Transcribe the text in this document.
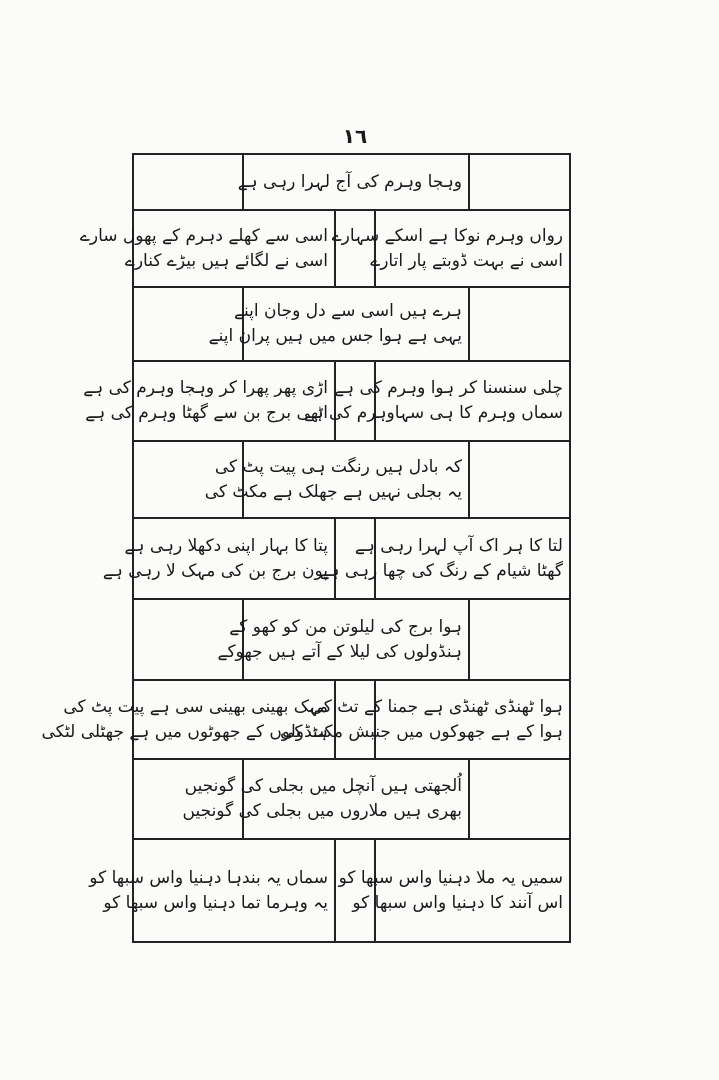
١٦
وہجا وہرم کی آج لہرا رہی ہے
اسی سے کھلے دہرم کے پھول سارے
اسی نے لگائے ہیں بیڑے کنارے
رواں وہرم نوکا ہے اسکے سہارے
اسی نے بہت ڈوبتے پار اتارے
ہرے ہیں اسی سے دل وجان اپنے
یہی ہے ہوا جس میں ہیں پران اپنے
اڑی پھر پھرا کر وہجا وہرم کی ہے
اٹھی برج بن سے گھٹا وہرم کی ہے
چلی سنسنا کر ہوا وہرم کی ہے
سماں وہرم کا ہی سہاوہرم کی ہے
کہ بادل ہیں رنگت ہی پیت پٹ کی
یہ بجلی نہیں ہے جھلک ہے مکٹ کی
پتا کا بہار اپنی دکھلا رہی ہے
پون برج بن کی مہک لا رہی ہے
لتا کا ہر اک آپ لہرا رہی ہے
گھٹا شیام کے رنگ کی چھا رہی ہے
ہوا برج کی لیلوتن من کو کھو کے
ہنڈولوں کی لیلا کے آتے ہیں جھوکے
مہک بھینی بھینی سی ہے پیت پٹ کی
ہنڈولوں کے جھوٹوں میں ہے جھٹلی لٹکی
ہوا ٹھنڈی ٹھنڈی ہے جمنا کے تٹ کی
ہوا کے ہے جھوکوں میں جنبش مکٹ کی
اُلجھتی ہیں آنچل میں بجلی کی گونجیں
بھری ہیں ملاروں میں بجلی کی گونجیں
سماں یہ بندہا دہنیا واس سبھا کو
یہ وہرما تما دہنیا واس سبھا کو
سمیں یہ ملا دہنیا واس سبھا کو
اس آنند کا دہنیا واس سبھا کو
